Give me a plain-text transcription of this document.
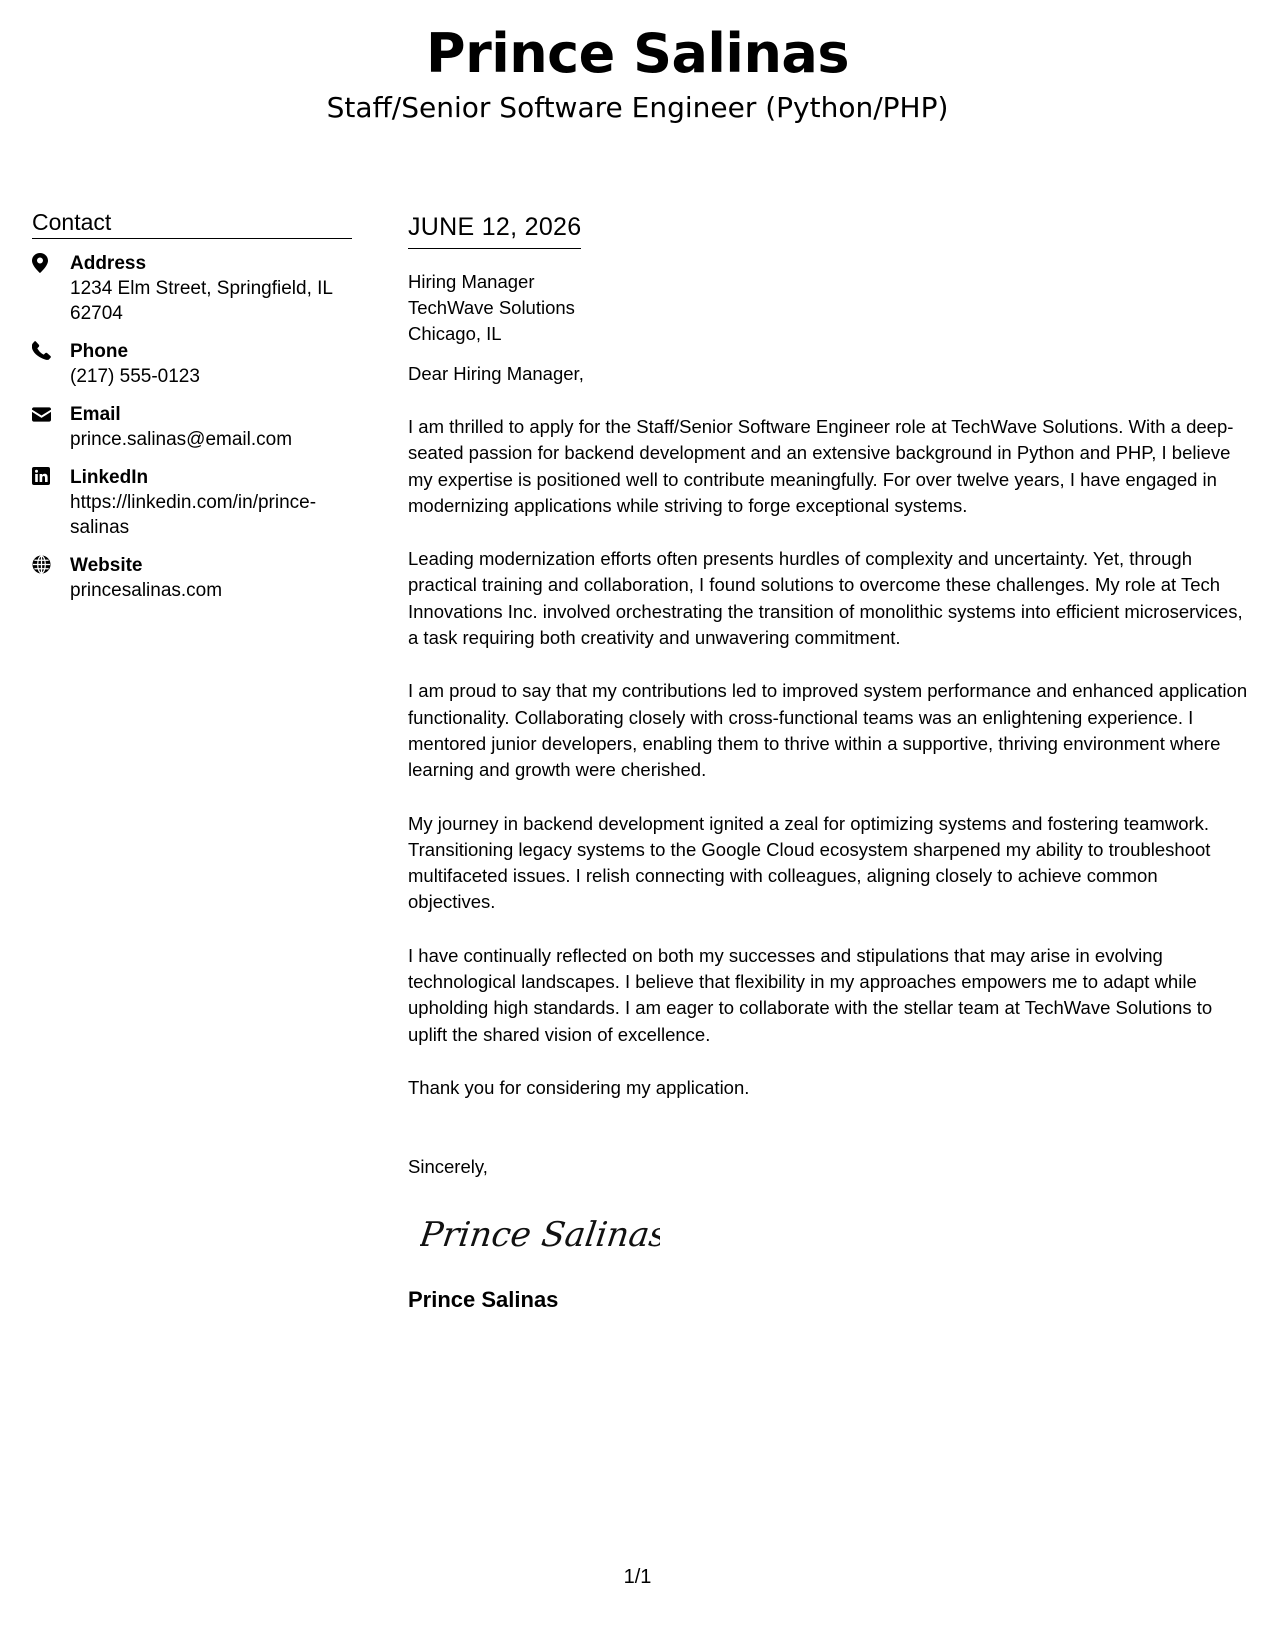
Prince Salinas
Staff/Senior Software Engineer (Python/PHP)
Contact
Address
1234 Elm Street, Springfield, IL
62704
Phone
(217) 555-0123
Email
prince.salinas@email.com
LinkedIn
https://linkedin.com/in/prince-
salinas
Website
princesalinas.com
JUNE 12, 2026
Hiring Manager
TechWave Solutions
Chicago, IL
Dear Hiring Manager,

I am thrilled to apply for the Staff/Senior Software Engineer role at TechWave Solutions. With a deep-seated passion for backend development and an extensive background in Python and PHP, I believe my expertise is positioned well to contribute meaningfully. For over twelve years, I have engaged in modernizing applications while striving to forge exceptional systems.

Leading modernization efforts often presents hurdles of complexity and uncertainty. Yet, through practical training and collaboration, I found solutions to overcome these challenges. My role at Tech Innovations Inc. involved orchestrating the transition of monolithic systems into efficient microservices, a task requiring both creativity and unwavering commitment.

I am proud to say that my contributions led to improved system performance and enhanced application functionality. Collaborating closely with cross-functional teams was an enlightening experience. I mentored junior developers, enabling them to thrive within a supportive, thriving environment where learning and growth were cherished.

My journey in backend development ignited a zeal for optimizing systems and fostering teamwork. Transitioning legacy systems to the Google Cloud ecosystem sharpened my ability to troubleshoot multifaceted issues. I relish connecting with colleagues, aligning closely to achieve common objectives.

I have continually reflected on both my successes and stipulations that may arise in evolving technological landscapes. I believe that flexibility in my approaches empowers me to adapt while upholding high standards. I am eager to collaborate with the stellar team at TechWave Solutions to uplift the shared vision of excellence.

Thank you for considering my application.

Sincerely,
Prince Salinas
Prince Salinas
1/1
